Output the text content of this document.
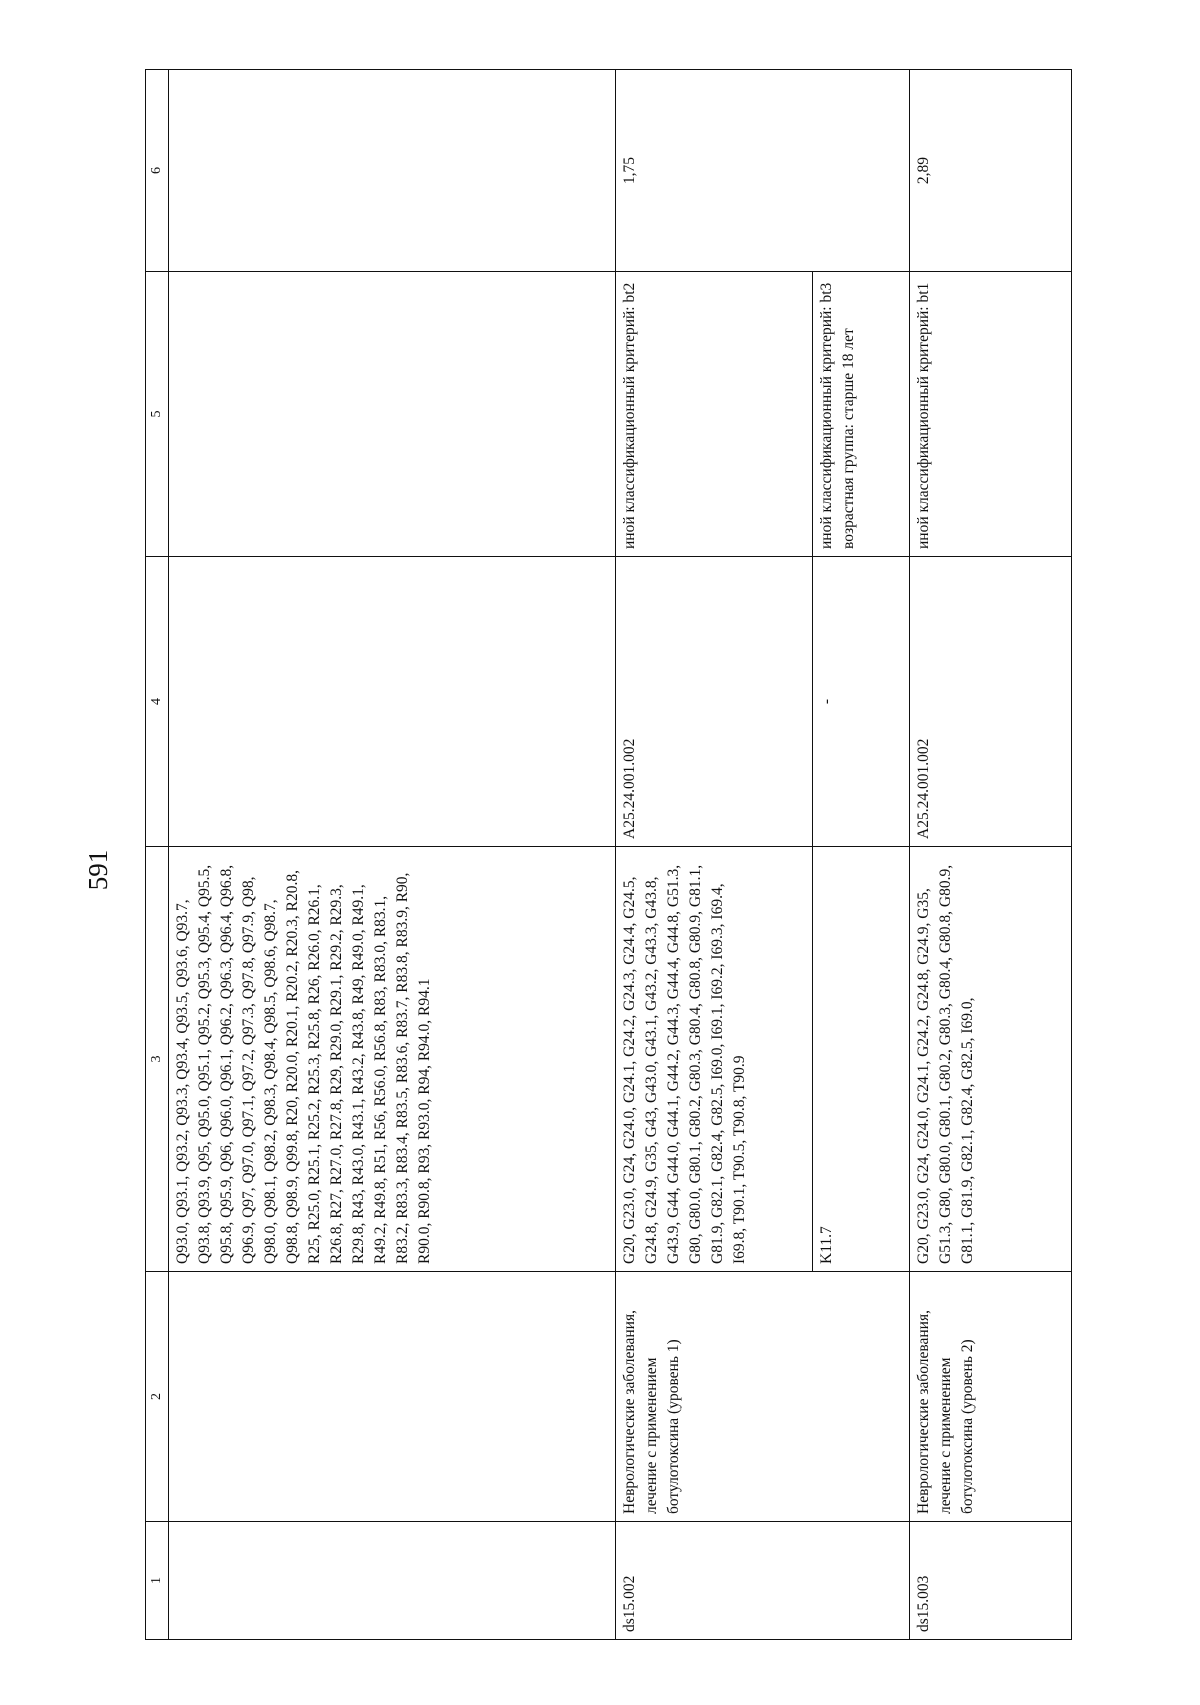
591
1	2	3	4	5	6
		Q93.0, Q93.1, Q93.2, Q93.3, Q93.4, Q93.5, Q93.6, Q93.7, Q93.8, Q93.9, Q95, Q95.0, Q95.1, Q95.2, Q95.3, Q95.4, Q95.5, Q95.8, Q95.9, Q96, Q96.0, Q96.1, Q96.2, Q96.3, Q96.4, Q96.8, Q96.9, Q97, Q97.0, Q97.1, Q97.2, Q97.3, Q97.8, Q97.9, Q98, Q98.0, Q98.1, Q98.2, Q98.3, Q98.4, Q98.5, Q98.6, Q98.7, Q98.8, Q98.9, Q99.8, R20, R20.0, R20.1, R20.2, R20.3, R20.8, R25, R25.0, R25.1, R25.2, R25.3, R25.8, R26, R26.0, R26.1, R26.8, R27, R27.0, R27.8, R29, R29.0, R29.1, R29.2, R29.3, R29.8, R43, R43.0, R43.1, R43.2, R43.8, R49, R49.0, R49.1, R49.2, R49.8, R51, R56, R56.0, R56.8, R83, R83.0, R83.1, R83.2, R83.3, R83.4, R83.5, R83.6, R83.7, R83.8, R83.9, R90, R90.0, R90.8, R93, R93.0, R94, R94.0, R94.1			
ds15.002	Неврологические заболевания, лечение с применением ботулотоксина (уровень 1)	G20, G23.0, G24, G24.0, G24.1, G24.2, G24.3, G24.4, G24.5, G24.8, G24.9, G35, G43, G43.0, G43.1, G43.2, G43.3, G43.8, G43.9, G44, G44.0, G44.1, G44.2, G44.3, G44.4, G44.8, G51.3, G80, G80.0, G80.1, G80.2, G80.3, G80.4, G80.8, G80.9, G81.1, G81.9, G82.1, G82.4, G82.5, I69.0, I69.1, I69.2, I69.3, I69.4, I69.8, T90.1, T90.5, T90.8, T90.9	A25.24.001.002	иной классификационный критерий: bt2	1,75
		K11.7	-	иной классификационный критерий: bt3 возрастная группа: старше 18 лет	
ds15.003	Неврологические заболевания, лечение с применением ботулотоксина (уровень 2)	G20, G23.0, G24, G24.0, G24.1, G24.2, G24.8, G24.9, G35, G51.3, G80, G80.0, G80.1, G80.2, G80.3, G80.4, G80.8, G80.9, G81.1, G81.9, G82.1, G82.4, G82.5, I69.0,	A25.24.001.002	иной классификационный критерий: bt1	2,89
